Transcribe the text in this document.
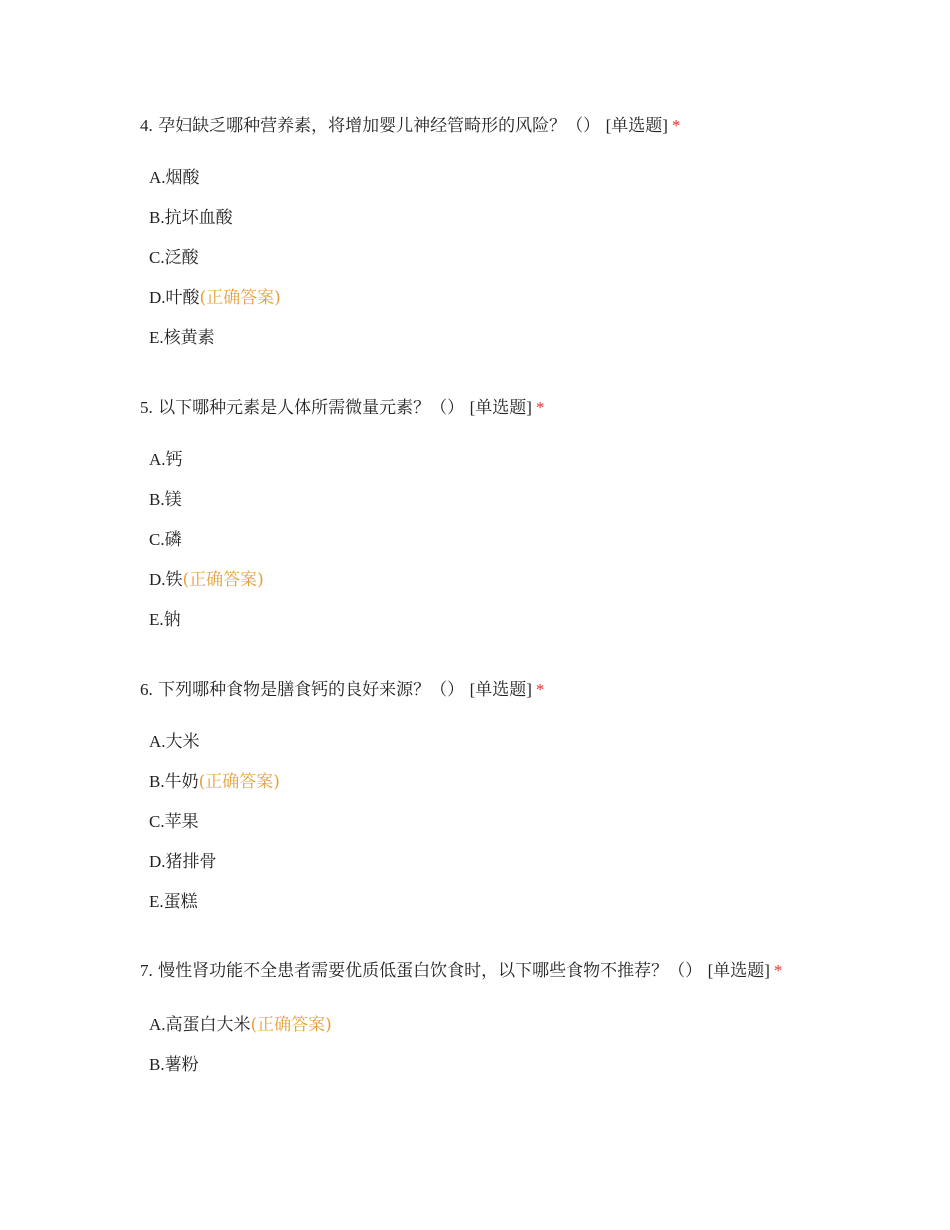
4. 孕妇缺乏哪种营养素，将增加婴儿神经管畸形的风险？（） [单选题] *

A.烟酸
B.抗坏血酸
C.泛酸
D.叶酸(正确答案)
E.核黄素

5. 以下哪种元素是人体所需微量元素？（） [单选题] *

A.钙
B.镁
C.磷
D.铁(正确答案)
E.钠

6. 下列哪种食物是膳食钙的良好来源？（） [单选题] *

A.大米
B.牛奶(正确答案)
C.苹果
D.猪排骨
E.蛋糕

7. 慢性肾功能不全患者需要优质低蛋白饮食时，以下哪些食物不推荐？（） [单选题] *

A.高蛋白大米(正确答案)
B.薯粉
